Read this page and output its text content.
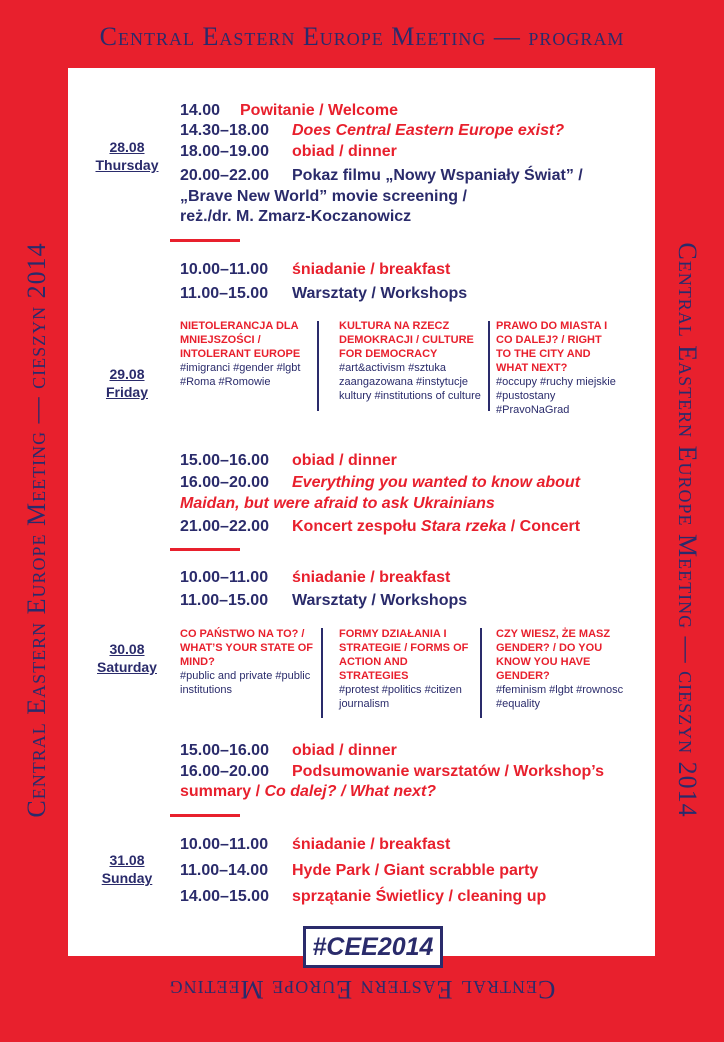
Central Eastern Europe Meeting — program
Central Eastern Europe Meeting — cieszyn 2014	Central Eastern Europe Meeting — cieszyn 2014
Central Eastern Europe Meeting
28.08
Thursday
14.00 Powitanie / Welcome
14.30–18.00 Does Central Eastern Europe exist?
18.00–19.00 obiad / dinner
20.00–22.00 Pokaz filmu „Nowy Wspaniały Świat” /
„Brave New World” movie screening /
reż./dr. M. Zmarz-Koczanowicz
29.08
Friday
10.00–11.00 śniadanie / breakfast
11.00–15.00 Warsztaty / Workshops
NIETOLERANCJA DLA MNIEJSZOŚCI / INTOLERANT EUROPE
#imigranci #gender #lgbt #Roma #Romowie
KULTURA NA RZECZ DEMOKRACJI / CULTURE FOR DEMOCRACY
#art&activism #sztuka zaangazowana #instytucje kultury #institutions of culture
PRAWO DO MIASTA I CO DALEJ? / RIGHT TO THE CITY AND WHAT NEXT?
#occupy #ruchy miejskie #pustostany #PravoNaGrad
15.00–16.00 obiad / dinner
16.00–20.00 Everything you wanted to know about
Maidan, but were afraid to ask Ukrainians
21.00–22.00 Koncert zespołu Stara rzeka / Concert
30.08
Saturday
10.00–11.00 śniadanie / breakfast
11.00–15.00 Warsztaty / Workshops
CO PAŃSTWO NA TO? / WHAT’S YOUR STATE OF MIND?
#public and private #public institutions
FORMY DZIAŁANIA I STRATEGIE / FORMS OF ACTION AND STRATEGIES
#protest #politics #citizen journalism
CZY WIESZ, ŻE MASZ GENDER? / DO YOU KNOW YOU HAVE GENDER?
#feminism #lgbt #rownosc #equality
15.00–16.00 obiad / dinner
16.00–20.00 Podsumowanie warsztatów / Workshop’s
summary / Co dalej? / What next?
31.08
Sunday
10.00–11.00 śniadanie / breakfast
11.00–14.00 Hyde Park / Giant scrabble party
14.00–15.00 sprzątanie Świetlicy / cleaning up
#CEE2014
